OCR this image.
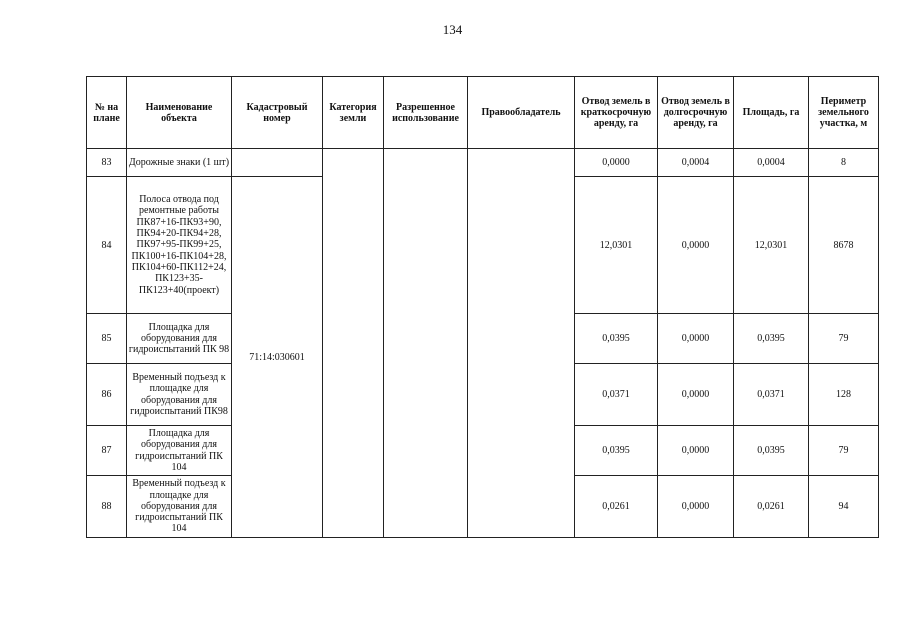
134
№ на плане	Наименование объекта	Кадастровый номер	Категория земли	Разрешенное использование	Правообладатель	Отвод земель в краткосрочную аренду, га	Отвод земель в долгосрочную аренду, га	Площадь, га	Периметр земельного участка, м
83	Дорожные знаки (1 шт)					0,0000	0,0004	0,0004	8
84	Полоса отвода под ремонтные работы ПК87+16-ПК93+90, ПК94+20-ПК94+28, ПК97+95-ПК99+25, ПК100+16-ПК104+28, ПК104+60-ПК112+24, ПК123+35-ПК123+40(проект)	71:14:030601				12,0301	0,0000	12,0301	8678
85	Площадка для оборудования для гидроиспытаний ПК 98					0,0395	0,0000	0,0395	79
86	Временный подъезд к площадке для оборудования для гидроиспытаний ПК98					0,0371	0,0000	0,0371	128
87	Площадка для оборудования для гидроиспытаний ПК 104					0,0395	0,0000	0,0395	79
88	Временный подъезд к площадке для оборудования для гидроиспытаний ПК 104					0,0261	0,0000	0,0261	94
